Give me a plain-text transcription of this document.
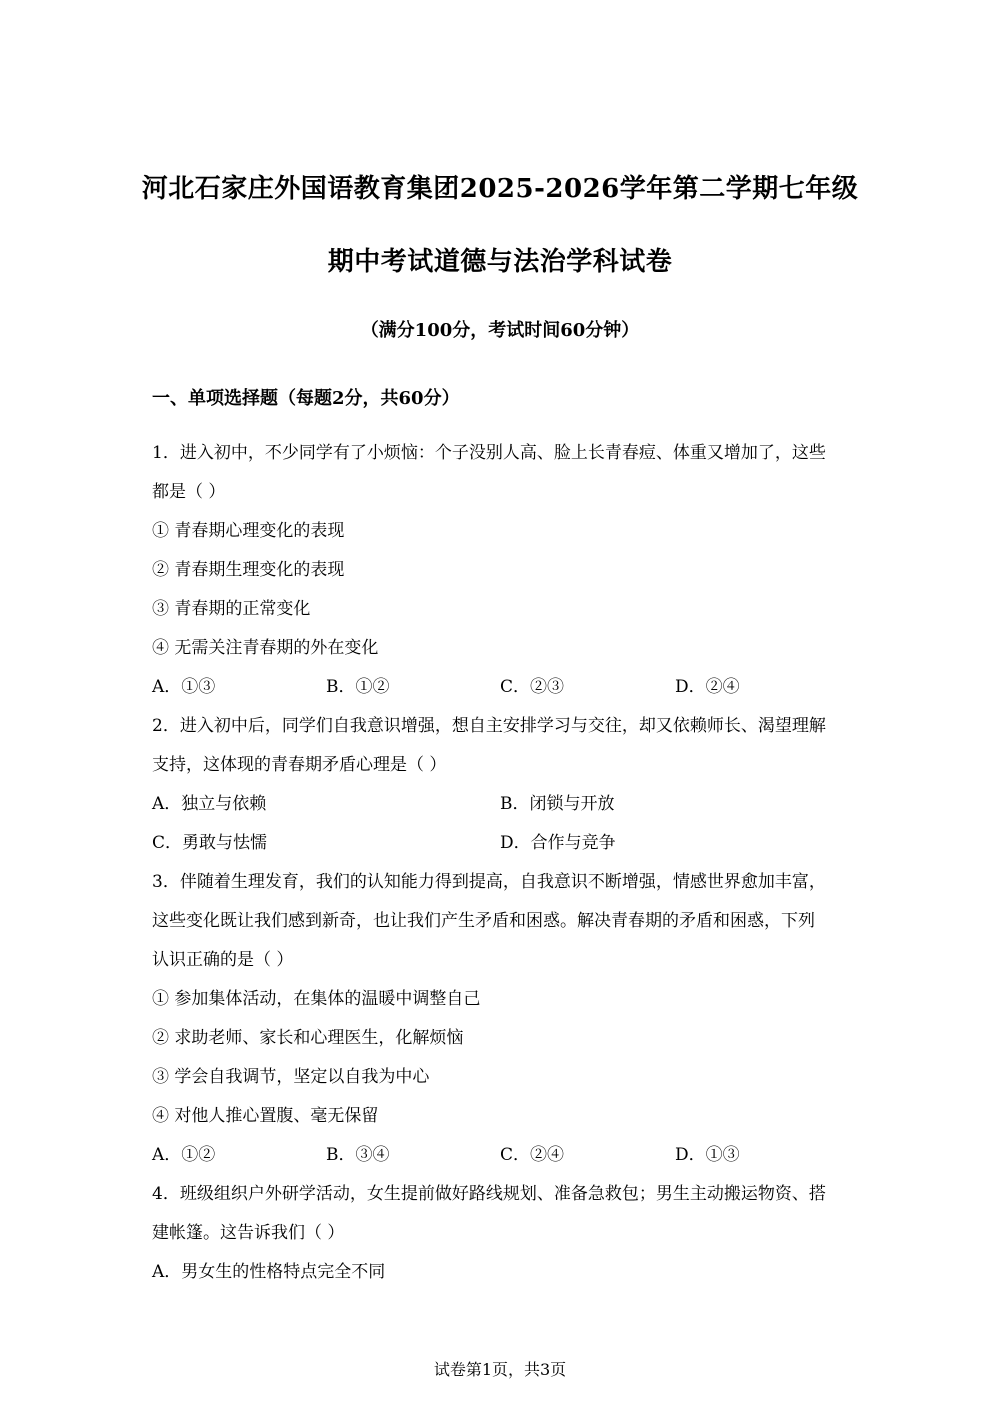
河北石家庄外国语教育集团2025-2026学年第二学期七年级
期中考试道德与法治学科试卷
（满分100分，考试时间60分钟）
一、单项选择题（每题2分，共60分）
1．进入初中，不少同学有了小烦恼：个子没别人高、脸上长青春痘、体重又增加了，这些
都是（ ）
① 青春期心理变化的表现
② 青春期生理变化的表现
③ 青春期的正常变化
④ 无需关注青春期的外在变化
A．①③	B．①②	C．②③	D．②④
2．进入初中后，同学们自我意识增强，想自主安排学习与交往，却又依赖师长、渴望理解
支持，这体现的青春期矛盾心理是（ ）
A．独立与依赖	B．闭锁与开放
C．勇敢与怯懦	D．合作与竞争
3．伴随着生理发育，我们的认知能力得到提高，自我意识不断增强，情感世界愈加丰富，
这些变化既让我们感到新奇，也让我们产生矛盾和困惑。解决青春期的矛盾和困惑，下列
认识正确的是（ ）
① 参加集体活动，在集体的温暖中调整自己
② 求助老师、家长和心理医生，化解烦恼
③ 学会自我调节，坚定以自我为中心
④ 对他人推心置腹、毫无保留
A．①②	B．③④	C．②④	D．①③
4．班级组织户外研学活动，女生提前做好路线规划、准备急救包；男生主动搬运物资、搭
建帐篷。这告诉我们（ ）
A．男女生的性格特点完全不同
试卷第1页，共3页
